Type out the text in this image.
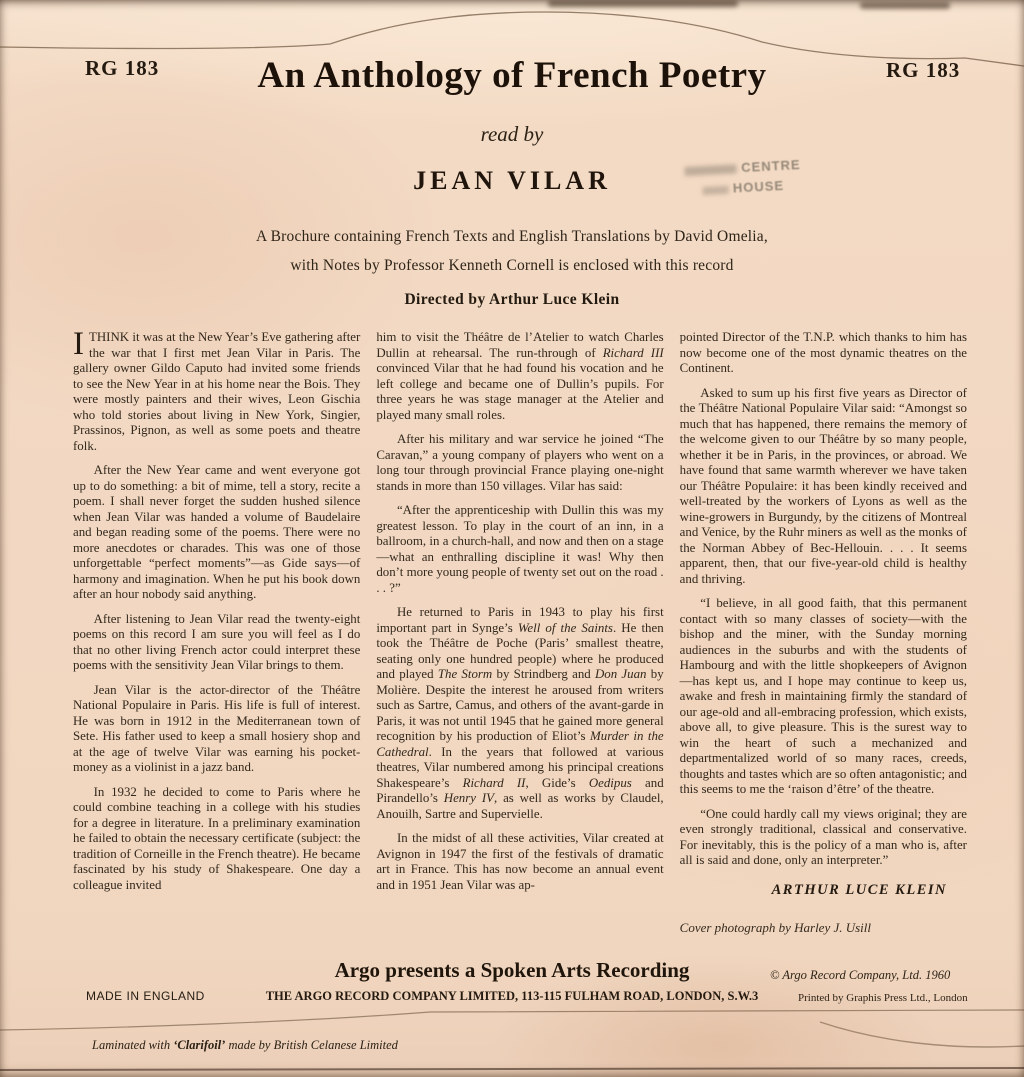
RG 183	RG 183
An Anthology of French Poetry
read by
JEAN VILAR	CENTRE
HOUSE
A Brochure containing French Texts and English Translations by David Omelia,
with Notes by Professor Kenneth Cornell is enclosed with this record
Directed by Arthur Luce Klein

ITHINK it was at the New Year’s Eve gathering after the war that I first met Jean Vilar in Paris. The gallery owner Gildo Caputo had invited some friends to see the New Year in at his home near the Bois. They were mostly painters and their wives, Leon Gischia who told stories about living in New York, Singier, Prassinos, Pignon, as well as some poets and theatre folk.

After the New Year came and went everyone got up to do something: a bit of mime, tell a story, recite a poem. I shall never forget the sudden hushed silence when Jean Vilar was handed a volume of Baudelaire and began reading some of the poems. There were no more anecdotes or charades. This was one of those unforgettable “perfect moments”—as Gide says—of harmony and imagination. When he put his book down after an hour nobody said anything.

After listening to Jean Vilar read the twenty-eight poems on this record I am sure you will feel as I do that no other living French actor could interpret these poems with the sensitivity Jean Vilar brings to them.

Jean Vilar is the actor-director of the Théâtre National Populaire in Paris. His life is full of interest. He was born in 1912 in the Mediterranean town of Sete. His father used to keep a small hosiery shop and at the age of twelve Vilar was earning his pocket-money as a violinist in a jazz band.

In 1932 he decided to come to Paris where he could combine teaching in a college with his studies for a degree in literature. In a preliminary examination he failed to obtain the necessary certificate (subject: the tradition of Corneille in the French theatre). He became fascinated by his study of Shakespeare. One day a colleague invited

him to visit the Théâtre de l’Atelier to watch Charles Dullin at rehearsal. The run-through of Richard III convinced Vilar that he had found his vocation and he left college and became one of Dullin’s pupils. For three years he was stage manager at the Atelier and played many small roles.

After his military and war service he joined “The Caravan,” a young company of players who went on a long tour through provincial France playing one-night stands in more than 150 villages. Vilar has said:

“After the apprenticeship with Dullin this was my greatest lesson. To play in the court of an inn, in a ballroom, in a church-hall, and now and then on a stage—what an enthralling discipline it was! Why then don’t more young people of twenty set out on the road . . . ?”

He returned to Paris in 1943 to play his first important part in Synge’s Well of the Saints. He then took the Théâtre de Poche (Paris’ smallest theatre, seating only one hundred people) where he produced and played The Storm by Strindberg and Don Juan by Molière. Despite the interest he aroused from writers such as Sartre, Camus, and others of the avant-garde in Paris, it was not until 1945 that he gained more general recognition by his production of Eliot’s Murder in the Cathedral. In the years that followed at various theatres, Vilar numbered among his principal creations Shakespeare’s Richard II, Gide’s Oedipus and Pirandello’s Henry IV, as well as works by Claudel, Anouilh, Sartre and Supervielle.

In the midst of all these activities, Vilar created at Avignon in 1947 the first of the festivals of dramatic art in France. This has now become an annual event and in 1951 Jean Vilar was ap-

pointed Director of the T.N.P. which thanks to him has now become one of the most dynamic theatres on the Continent.

Asked to sum up his first five years as Director of the Théâtre National Populaire Vilar said: “Amongst so much that has happened, there remains the memory of the welcome given to our Théâtre by so many people, whether it be in Paris, in the provinces, or abroad. We have found that same warmth wherever we have taken our Théâtre Populaire: it has been kindly received and well-treated by the workers of Lyons as well as the wine-growers in Burgundy, by the citizens of Montreal and Venice, by the Ruhr miners as well as the monks of the Norman Abbey of Bec-Hellouin. . . . It seems apparent, then, that our five-year-old child is healthy and thriving.

“I believe, in all good faith, that this permanent contact with so many classes of society—with the bishop and the miner, with the Sunday morning audiences in the suburbs and with the students of Hambourg and with the little shopkeepers of Avignon—has kept us, and I hope may continue to keep us, awake and fresh in maintaining firmly the standard of our age-old and all-embracing profession, which exists, above all, to give pleasure. This is the surest way to win the heart of such a mechanized and departmentalized world of so many races, creeds, thoughts and tastes which are so often antagonistic; and this seems to me the ‘raison d’être’ of the theatre.

“One could hardly call my views original; they are even strongly traditional, classical and conservative. For inevitably, this is the policy of a man who is, after all is said and done, only an interpreter.”

ARTHUR LUCE KLEIN
Cover photograph by Harley J. Usill
Argo presents a Spoken Arts Recording	© Argo Record Company, Ltd. 1960
MADE IN ENGLAND	THE ARGO RECORD COMPANY LIMITED, 113-115 FULHAM ROAD, LONDON, S.W.3	Printed by Graphis Press Ltd., London
Laminated with ‘Clarifoil’ made by British Celanese Limited
